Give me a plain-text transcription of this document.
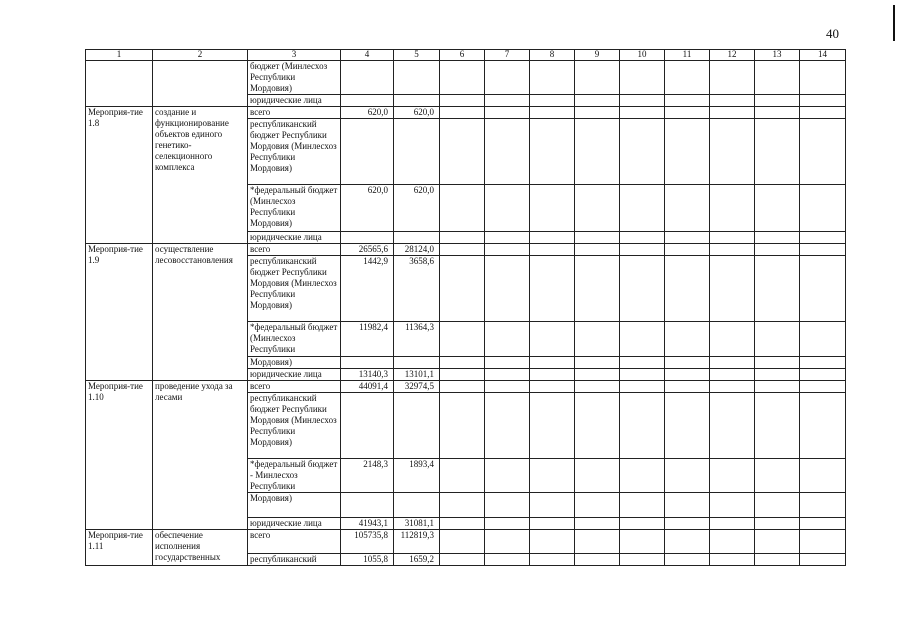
40
1	2	3	4	5	6	7	8	9	10	11	12	13	14
		бюджет (Минлесхоз Республики Мордовия)											
		юридические лица											
Мероприя-тие 1.8	создание и функционирование объектов единого генетико-селекционного комплекса	всего	620,0	620,0									
		республиканский бюджет Республики Мордовия (Минлесхоз Республики Мордовия)											
		*федеральный бюджет (Минлесхоз Республики Мордовия)	620,0	620,0									
		юридические лица											
Мероприя-тие 1.9	осуществление лесовосстановления	всего	26565,6	28124,0									
		республиканский бюджет Республики Мордовия (Минлесхоз Республики Мордовия)	1442,9	3658,6									
		*федеральный бюджет (Минлесхоз Республики	11982,4	11364,3									
		Мордовия)											
		юридические лица	13140,3	13101,1									
Мероприя-тие 1.10	проведение ухода за лесами	всего	44091,4	32974,5									
		республиканский бюджет Республики Мордовия (Минлесхоз Республики Мордовия)											
		*федеральный бюджет - Минлесхоз Республики	2148,3	1893,4									
		Мордовия)											
		юридические лица	41943,1	31081,1									
Мероприя-тие 1.11	обеспечение исполнения государственных	всего	105735,8	112819,3									
		республиканский	1055,8	1659,2									
